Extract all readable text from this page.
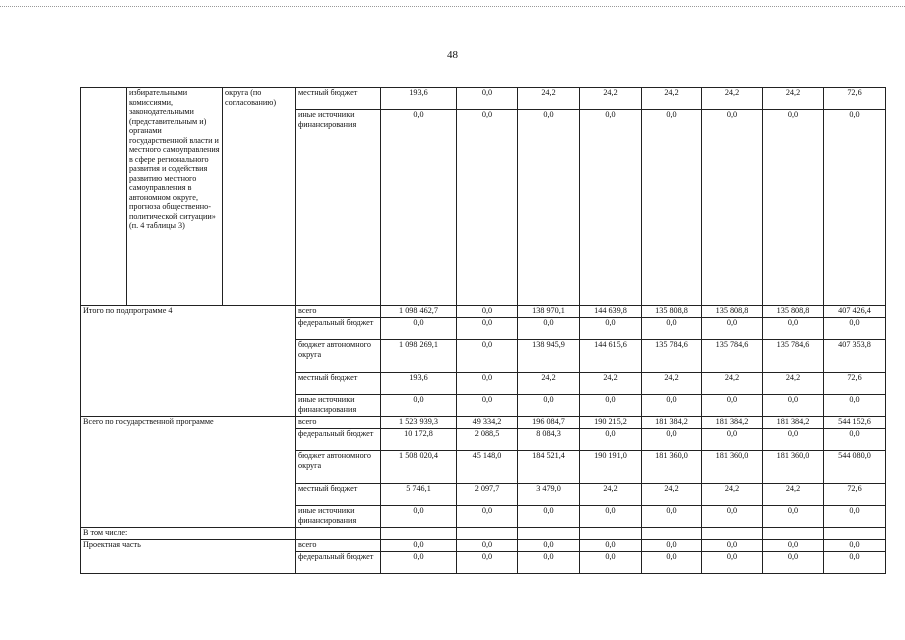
48
	избирательными комиссиями, законодательными (представительным и) органами государственной власти и местного самоуправления в сфере регионального развития и содействия развитию местного самоуправления в автономном округе, прогноза общественно-политической ситуации» (п. 4 таблицы 3)	округа (по согласованию)	местный бюджет	193,6	0,0	24,2	24,2	24,2	24,2	24,2	72,6
			иные источники финансирования	0,0	0,0	0,0	0,0	0,0	0,0	0,0	0,0
Итого по подпрограмме 4			всего	1 098 462,7	0,0	138 970,1	144 639,8	135 808,8	135 808,8	135 808,8	407 426,4
			федеральный бюджет	0,0	0,0	0,0	0,0	0,0	0,0	0,0	0,0
			бюджет автономного округа	1 098 269,1	0,0	138 945,9	144 615,6	135 784,6	135 784,6	135 784,6	407 353,8
			местный бюджет	193,6	0,0	24,2	24,2	24,2	24,2	24,2	72,6
			иные источники финансирования	0,0	0,0	0,0	0,0	0,0	0,0	0,0	0,0
Всего по государственной программе			всего	1 523 939,3	49 334,2	196 084,7	190 215,2	181 384,2	181 384,2	181 384,2	544 152,6
			федеральный бюджет	10 172,8	2 088,5	8 084,3	0,0	0,0	0,0	0,0	0,0
			бюджет автономного округа	1 508 020,4	45 148,0	184 521,4	190 191,0	181 360,0	181 360,0	181 360,0	544 080,0
			местный бюджет	5 746,1	2 097,7	3 479,0	24,2	24,2	24,2	24,2	72,6
			иные источники финансирования	0,0	0,0	0,0	0,0	0,0	0,0	0,0	0,0
В том числе:											
Проектная часть			всего	0,0	0,0	0,0	0,0	0,0	0,0	0,0	0,0
			федеральный бюджет	0,0	0,0	0,0	0,0	0,0	0,0	0,0	0,0
